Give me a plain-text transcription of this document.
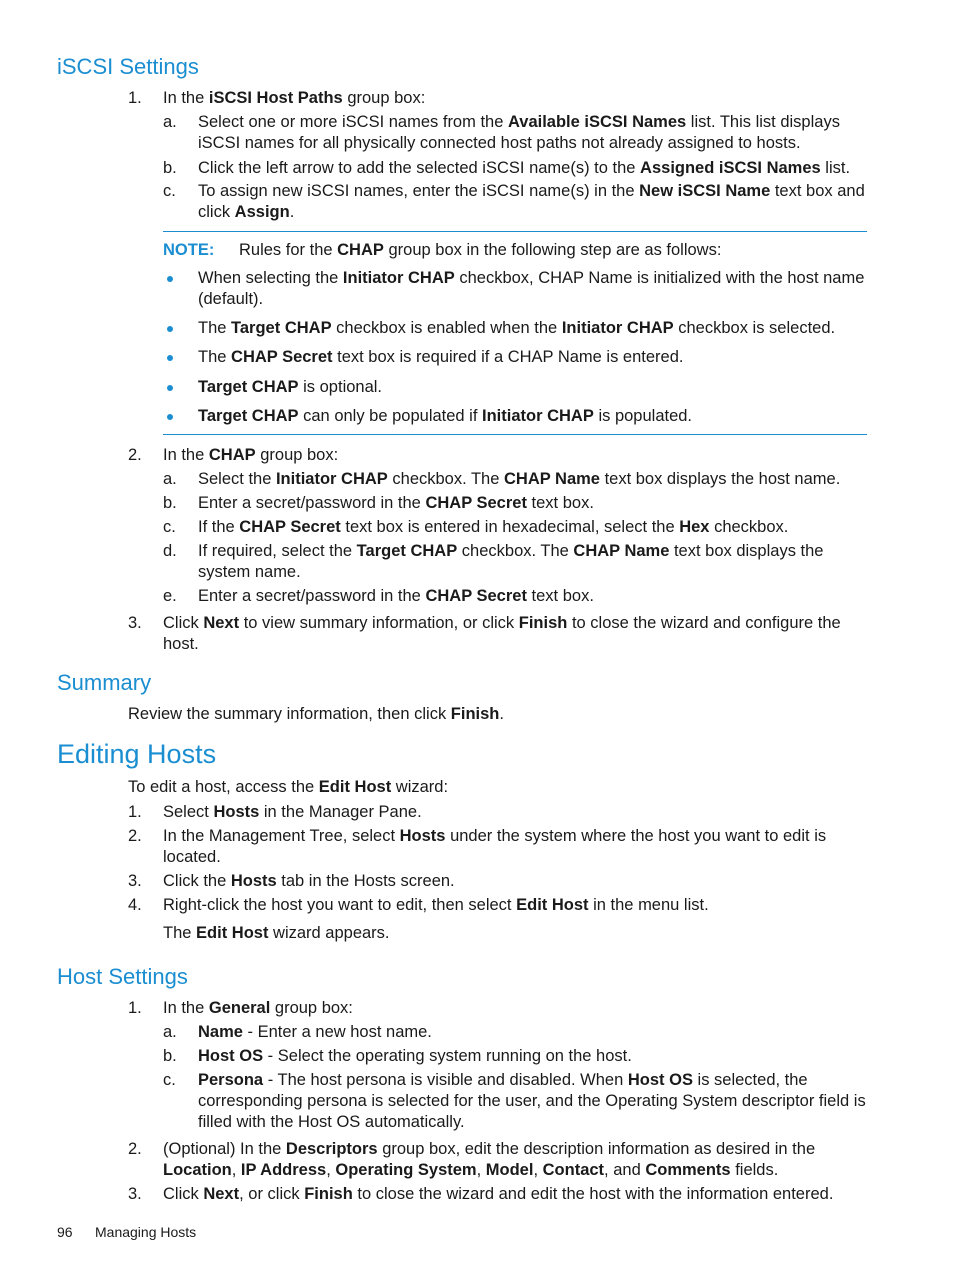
iSCSI Settings
1. In the iSCSI Host Paths group box:
a. Select one or more iSCSI names from the Available iSCSI Names list. This list displays iSCSI names for all physically connected host paths not already assigned to hosts.
b. Click the left arrow to add the selected iSCSI name(s) to the Assigned iSCSI Names list.
c. To assign new iSCSI names, enter the iSCSI name(s) in the New iSCSI Name text box and click Assign.
NOTE: Rules for the CHAP group box in the following step are as follows:
When selecting the Initiator CHAP checkbox, CHAP Name is initialized with the host name (default).
The Target CHAP checkbox is enabled when the Initiator CHAP checkbox is selected.
The CHAP Secret text box is required if a CHAP Name is entered.
Target CHAP is optional.
Target CHAP can only be populated if Initiator CHAP is populated.
2. In the CHAP group box:
a. Select the Initiator CHAP checkbox. The CHAP Name text box displays the host name.
b. Enter a secret/password in the CHAP Secret text box.
c. If the CHAP Secret text box is entered in hexadecimal, select the Hex checkbox.
d. If required, select the Target CHAP checkbox. The CHAP Name text box displays the system name.
e. Enter a secret/password in the CHAP Secret text box.
3. Click Next to view summary information, or click Finish to close the wizard and configure the host.
Summary
Review the summary information, then click Finish.
Editing Hosts
To edit a host, access the Edit Host wizard:
1. Select Hosts in the Manager Pane.
2. In the Management Tree, select Hosts under the system where the host you want to edit is located.
3. Click the Hosts tab in the Hosts screen.
4. Right-click the host you want to edit, then select Edit Host in the menu list.
The Edit Host wizard appears.
Host Settings
1. In the General group box:
a. Name - Enter a new host name.
b. Host OS - Select the operating system running on the host.
c. Persona - The host persona is visible and disabled. When Host OS is selected, the corresponding persona is selected for the user, and the Operating System descriptor field is filled with the Host OS automatically.
2. (Optional) In the Descriptors group box, edit the description information as desired in the Location, IP Address, Operating System, Model, Contact, and Comments fields.
3. Click Next, or click Finish to close the wizard and edit the host with the information entered.
96 Managing Hosts
